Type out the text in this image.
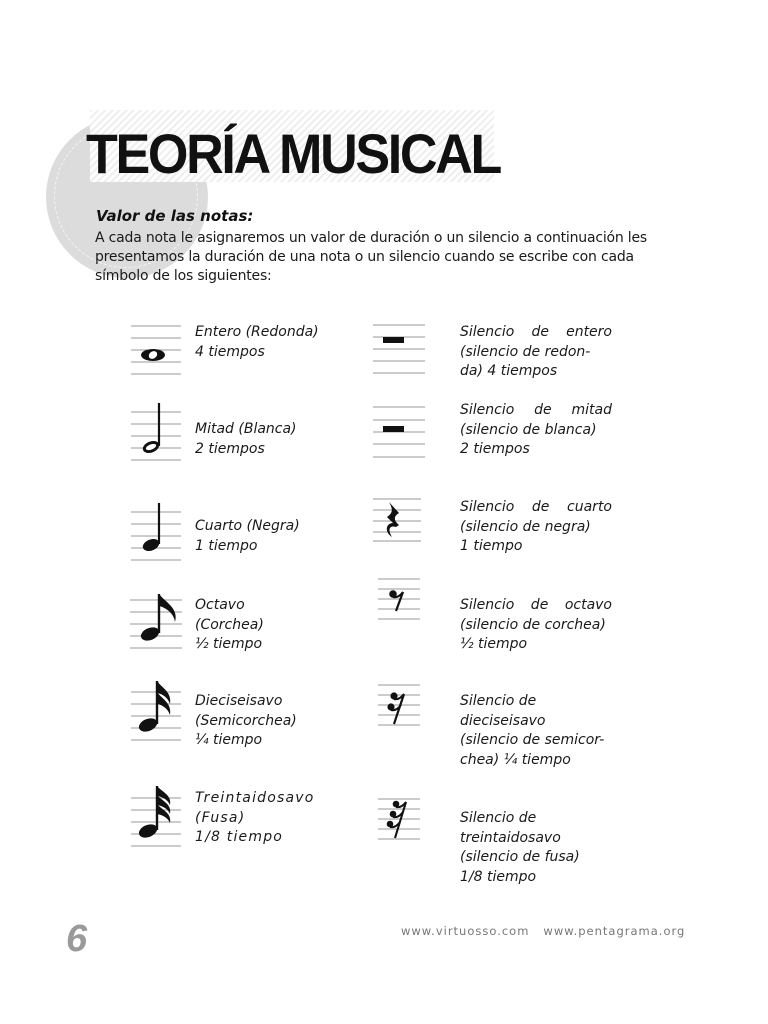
TEORÍA MUSICAL
Valor de las notas:

A cada nota le asignaremos un valor de duración o un silencio a continuación les presentamos la duración de una nota o un silencio cuando se escribe con cada símbolo de los siguientes:

Entero (Redonda)
4 tiempos
Mitad (Blanca)
2 tiempos
Cuarto (Negra)
1 tiempo
Octavo
(Corchea)
½ tiempo
Dieciseisavo
(Semicorchea)
¼ tiempo
Treintaidosavo
(Fusa)
1/8 tiempo
Silencio de entero (silencio de redon-
da) 4 tiempos
Silencio de mitad (silencio de blanca)
2 tiempos
Silencio de cuarto (silencio de negra)
1 tiempo
Silencio de octavo (silencio de corchea)
½ tiempo
Silencio de
dieciseisavo
(silencio de semicor-
chea) ¼ tiempo
Silencio de
treintaidosavo
(silencio de fusa)
1/8 tiempo
6	www.virtuosso.com www.pentagrama.org
